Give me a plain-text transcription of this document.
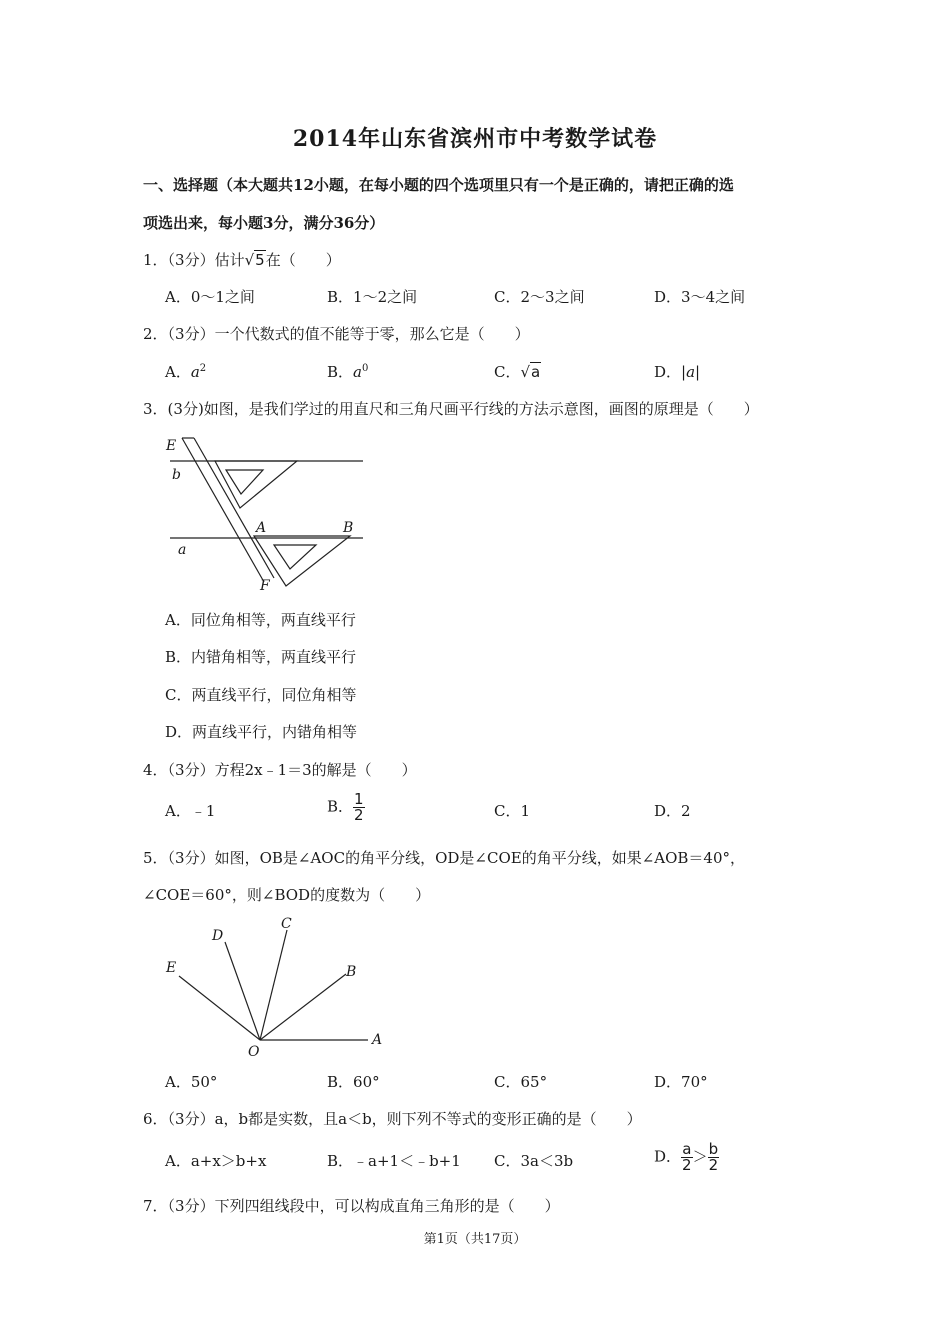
2014年山东省滨州市中考数学试卷
一、选择题（本大题共12小题，在每小题的四个选项里只有一个是正确的，请把正确的选
项选出来，每小题3分，满分36分）
1．（3分）估计√5在（　　）
A．0～1之间	B．1～2之间	C．2～3之间	D．3～4之间
2．（3分）一个代数式的值不能等于零，那么它是（　　）
A．$a^2$	B．$a^0$	C．√a	D．|a|
3．(3分)如图，是我们学过的用直尺和三角尺画平行线的方法示意图，画图的原理是（　　）
E
b
A	B
a
F
A．同位角相等，两直线平行
B．内错角相等，两直线平行
C．两直线平行，同位角相等
D．两直线平行，内错角相等
4．（3分）方程2x﹣1＝3的解是（　　）
A．﹣1	B． $\frac{1}{2}$	C．1	D．2
5．（3分）如图，OB是∠AOC的角平分线，OD是∠COE的角平分线，如果∠AOB＝40°，
∠COE＝60°，则∠BOD的度数为（　　）
E
D
C
B
O
A
A．50°	B．60°	C．65°	D．70°
6．（3分）a，b都是实数，且a＜b，则下列不等式的变形正确的是（　　）
A．a+x＞b+x	B．﹣a+1＜﹣b+1 C．3a＜3b	D． $\frac{a}{2} > \frac{b}{2}$
7．（3分）下列四组线段中，可以构成直角三角形的是（　　）
第1页（共17页）
